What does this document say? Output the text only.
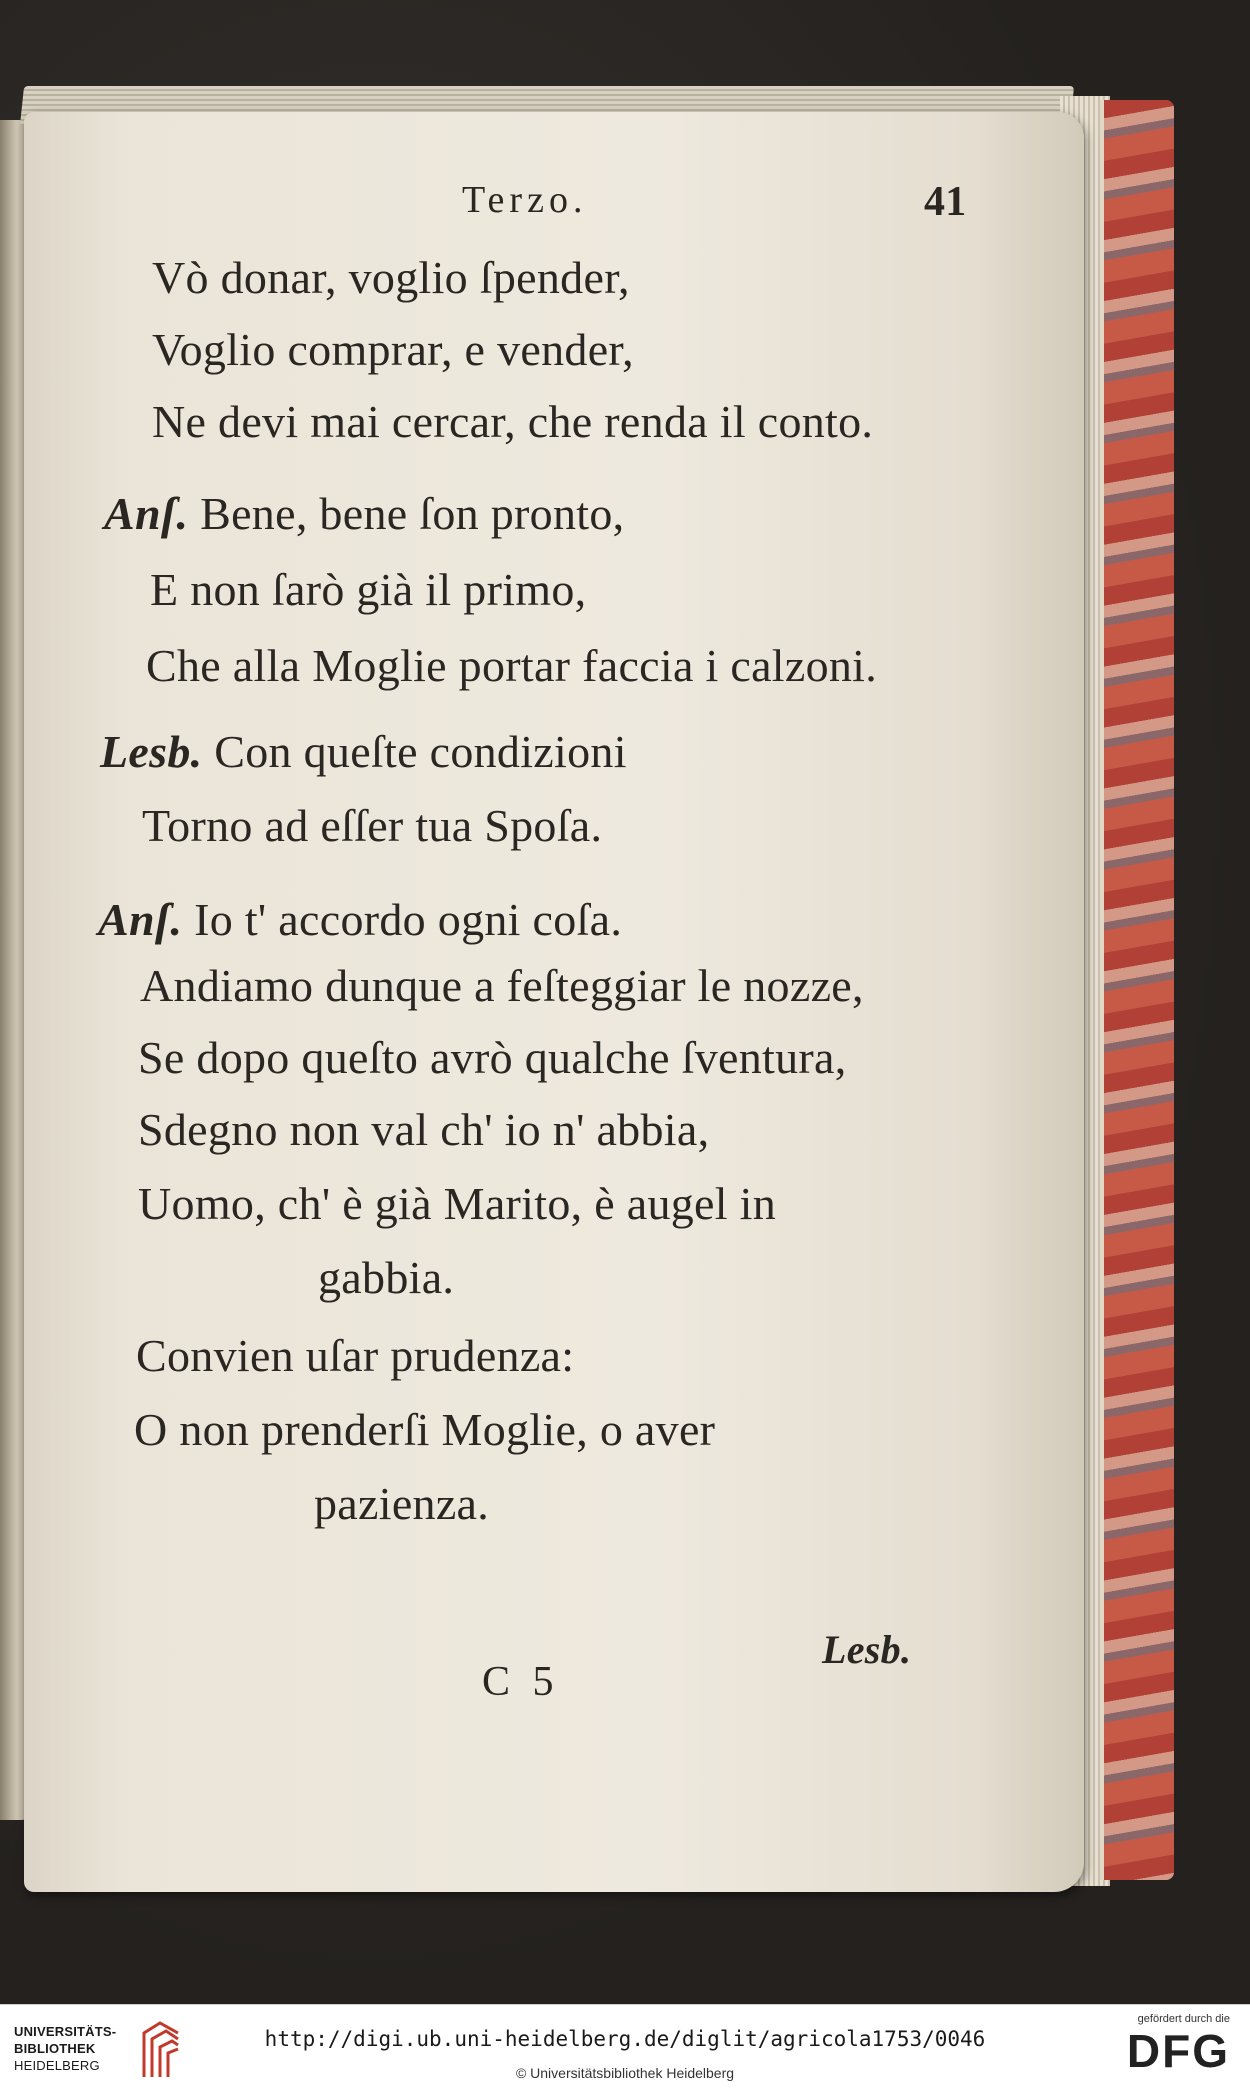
Terzo.	41
Vò donar, voglio ſpender,
Voglio comprar, e vender,
Ne devi mai cercar, che renda il conto.
Anſ. Bene, bene ſon pronto,
E non ſarò già il primo,
Che alla Moglie portar faccia i calzoni.
Lesb. Con queſte condizioni
Torno ad eſſer tua Spoſa.
Anſ. Io t' accordo ogni coſa.
Andiamo dunque a feſteggiar le nozze,
Se dopo queſto avrò qualche ſventura,
Sdegno non val ch' io n' abbia,
Uomo, ch' è già Marito, è augel in
gabbia.
Convien uſar prudenza:
O non prenderſi Moglie, o aver
pazienza.
Lesb.
C 5
UNIVERSITÄTS-
BIBLIOTHEK
HEIDELBERG
http://digi.ub.uni-heidelberg.de/diglit/agricola1753/0046
© Universitätsbibliothek Heidelberg
gefördert durch die
DFG
